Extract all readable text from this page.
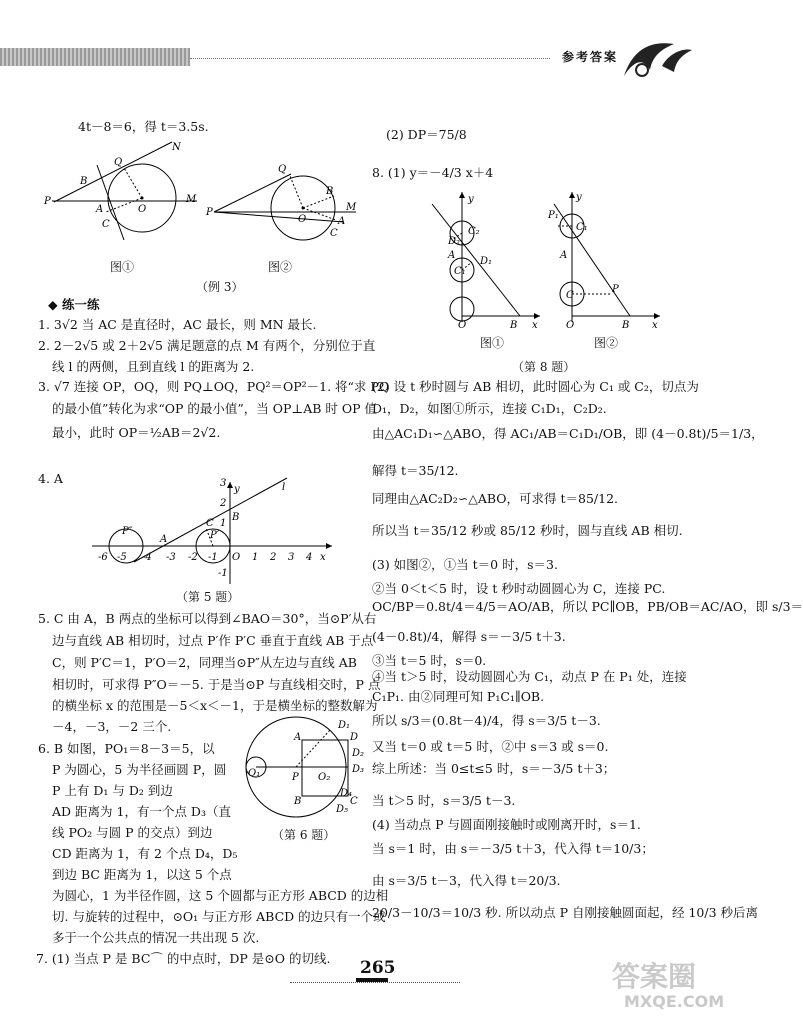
参考答案
4t－8＝6，得 t＝3.5s.
P
B
Q
N
M
A	O
C
图①
P
Q
B
M
A
C
O
图②
（例 3）
◆ 练一练
1. 3√2 当 AC 是直径时，AC 最长，则 MN 最长.
2. 2－2√5 或 2＋2√5 满足题意的点 M 有两个，分别位于直
线 l 的两侧，且到直线 l 的距离为 2.
3. √7 连接 OP，OQ，则 PQ⊥OQ，PQ²＝OP²－1. 将“求 PQ
的最小值”转化为求“OP 的最小值”，当 OP⊥AB 时 OP 值
最小，此时 OP＝½AB＝2√2.
4. A
x
y	l
B
A
C
P″	P′
-6 -5 -4 -3 -2 -1 O 1 2 3 4
3
2
1
-1
（第 5 题）
5. C 由 A，B 两点的坐标可以得到∠BAO＝30°，当⊙P′从右
边与直线 AB 相切时，过点 P′作 P′C 垂直于直线 AB 于点
C，则 P′C＝1，P′O＝2，同理当⊙P″从左边与直线 AB
相切时，可求得 P″O＝－5. 于是当⊙P 与直线相交时，P 点
的横坐标 x 的范围是－5＜x＜－1，于是横坐标的整数解为
－4，－3，－2 三个.
6. B 如图，PO₁＝8－3＝5，以
P 为圆心，5 为半径画圆 P，圆
P 上有 D₁ 与 D₂ 到边
AD 距离为 1，有一个点 D₃（直
线 PO₂ 与圆 P 的交点）到边
CD 距离为 1，有 2 个点 D₄，D₅
到边 BC 距离为 1，以这 5 个点
为圆心，1 为半径作圆，这 5 个圆都与正方形 ABCD 的边相
切. 与旋转的过程中，⊙O₁ 与正方形 ABCD 的边只有一个或
多于一个公共点的情况一共出现 5 次.
P O₂
O₁
A
B	C
D
D₁
D₂
D₃
D₄
D₅
（第 6 题）
7. (1) 当点 P 是 BC⌒ 的中点时，DP 是⊙O 的切线.
(2) DP＝75/8
8. (1) y＝－4/3 x＋4
y
x
O	B
A
C₂
C₁
D₂
D₁
图①
y
x
O	B
A
P₁
C₁
C
P
图②
（第 8 题）
(2) 设 t 秒时圆与 AB 相切，此时圆心为 C₁ 或 C₂，切点为
D₁，D₂，如图①所示，连接 C₁D₁，C₂D₂.
由△AC₁D₁∽△ABO，得 AC₁/AB＝C₁D₁/OB，即 (4－0.8t)/5＝1/3，
解得 t＝35/12.
同理由△AC₂D₂∽△ABO，可求得 t＝85/12.
所以当 t＝35/12 秒或 85/12 秒时，圆与直线 AB 相切.
(3) 如图②，①当 t＝0 时，s＝3.
②当 0＜t＜5 时，设 t 秒时动圆圆心为 C，连接 PC.
OC/BP＝0.8t/4＝4/5＝AO/AB，所以 PC∥OB，PB/OB＝AC/AO，即 s/3＝
(4－0.8t)/4，解得 s＝－3/5 t＋3.
③当 t＝5 时，s＝0.
④当 t＞5 时，设动圆圆心为 C₁，动点 P 在 P₁ 处，连接
C₁P₁. 由②同理可知 P₁C₁∥OB.
所以 s/3＝(0.8t－4)/4，得 s＝3/5 t－3.
又当 t＝0 或 t＝5 时，②中 s＝3 或 s＝0.
综上所述：当 0≤t≤5 时，s＝－3/5 t＋3；
当 t＞5 时，s＝3/5 t－3.
(4) 当动点 P 与圆面刚接触时或刚离开时，s＝1.
当 s＝1 时，由 s＝－3/5 t＋3，代入得 t＝10/3；
由 s＝3/5 t－3，代入得 t＝20/3.
20/3－10/3＝10/3 秒. 所以动点 P 自刚接触圆面起，经 10/3 秒后离
265	答案圈
MXQE.COM
